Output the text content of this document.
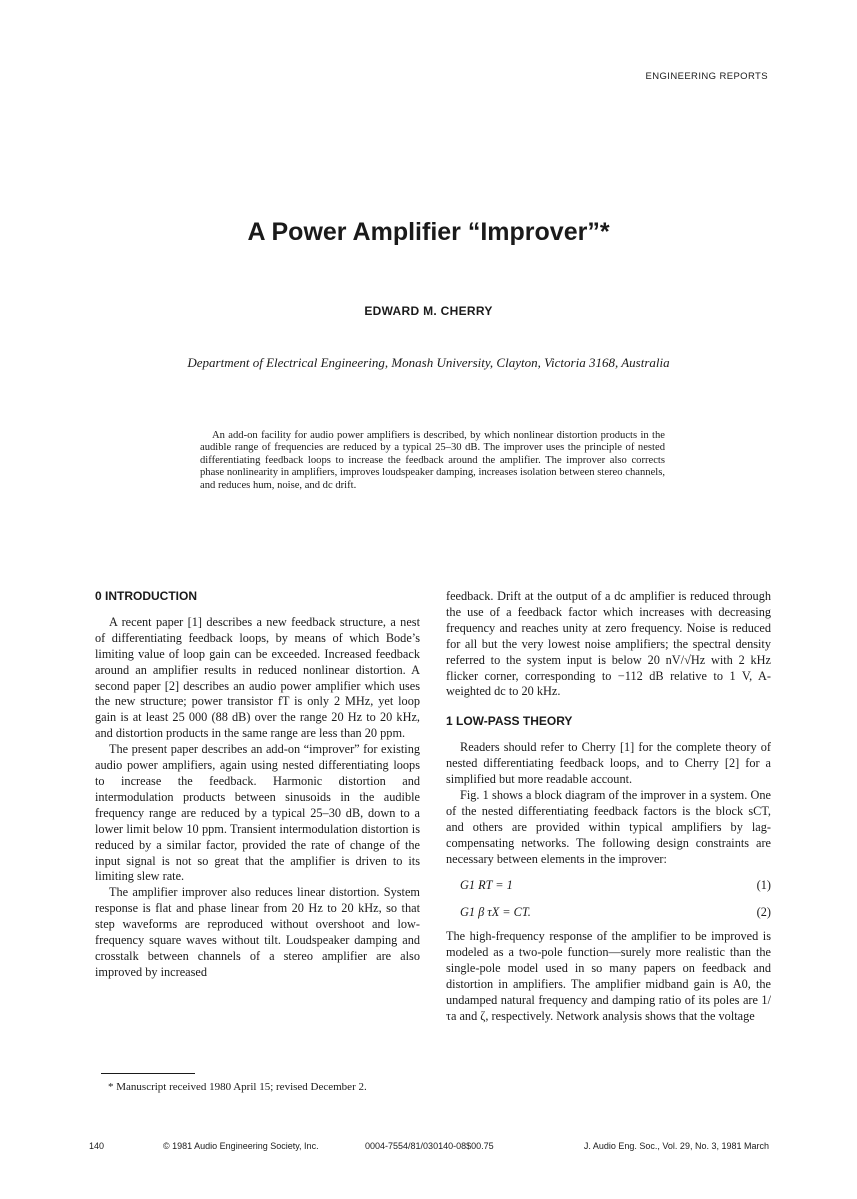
ENGINEERING REPORTS
A Power Amplifier “Improver”*
EDWARD M. CHERRY
Department of Electrical Engineering, Monash University, Clayton, Victoria 3168, Australia
An add-on facility for audio power amplifiers is described, by which nonlinear distortion products in the audible range of frequencies are reduced by a typical 25–30 dB. The improver uses the principle of nested differentiating feedback loops to increase the feedback around the amplifier. The improver also corrects phase nonlinearity in amplifiers, improves loudspeaker damping, increases isolation between stereo channels, and reduces hum, noise, and dc drift.
0 INTRODUCTION

A recent paper [1] describes a new feedback structure, a nest of differentiating feedback loops, by means of which Bode’s limiting value of loop gain can be exceeded. Increased feedback around an amplifier results in reduced nonlinear distortion. A second paper [2] describes an audio power amplifier which uses the new structure; power transistor fT is only 2 MHz, yet loop gain is at least 25 000 (88 dB) over the range 20 Hz to 20 kHz, and distortion products in the same range are less than 20 ppm.

The present paper describes an add-on “improver” for existing audio power amplifiers, again using nested differentiating loops to increase the feedback. Harmonic distortion and intermodulation products between sinusoids in the audible frequency range are reduced by a typical 25–30 dB, down to a lower limit below 10 ppm. Transient intermodulation distortion is reduced by a similar factor, provided the rate of change of the input signal is not so great that the amplifier is driven to its limiting slew rate.

The amplifier improver also reduces linear distortion. System response is flat and phase linear from 20 Hz to 20 kHz, so that step waveforms are reproduced without overshoot and low-frequency square waves without tilt. Loudspeaker damping and crosstalk between channels of a stereo amplifier are also improved by increased

feedback. Drift at the output of a dc amplifier is reduced through the use of a feedback factor which increases with decreasing frequency and reaches unity at zero frequency. Noise is reduced for all but the very lowest noise amplifiers; the spectral density referred to the system input is below 20 nV/√Hz with 2 kHz flicker corner, corresponding to −112 dB relative to 1 V, A-weighted dc to 20 kHz.

1 LOW-PASS THEORY

Readers should refer to Cherry [1] for the complete theory of nested differentiating feedback loops, and to Cherry [2] for a simplified but more readable account.

Fig. 1 shows a block diagram of the improver in a system. One of the nested differentiating feedback factors is the block sCT, and others are provided within typical amplifiers by lag-compensating networks. The following design constraints are necessary between elements in the improver:

G1 RT = 1	(1)
G1 β τX = CT.	(2)

The high-frequency response of the amplifier to be improved is modeled as a two-pole function—surely more realistic than the single-pole model used in so many papers on feedback and distortion in amplifiers. The amplifier midband gain is A0, the undamped natural frequency and damping ratio of its poles are 1/τa and ζ, respectively. Network analysis shows that the voltage

* Manuscript received 1980 April 15; revised December 2.
140	© 1981 Audio Engineering Society, Inc.	0004-7554/81/030140-08$00.75	J. Audio Eng. Soc., Vol. 29, No. 3, 1981 March
